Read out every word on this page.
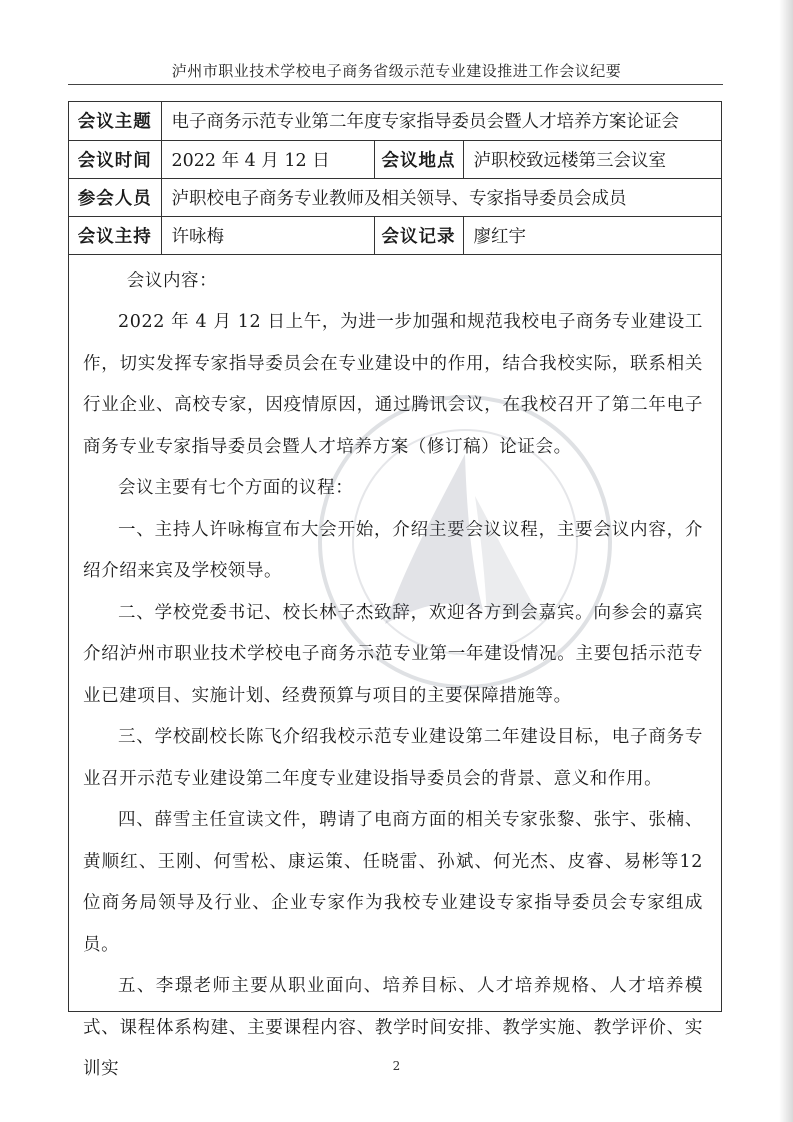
泸州市职业技术学校电子商务省级示范专业建设推进工作会议纪要
会议主题	电子商务示范专业第二年度专家指导委员会暨人才培养方案论证会		
会议时间	2022 年 4 月 12 日	会议地点	泸职校致远楼第三会议室
参会人员	泸职校电子商务专业教师及相关领导、专家指导委员会成员		
会议主持	许咏梅	会议记录	廖红宇

会议内容：

2022 年 4 月 12 日上午，为进一步加强和规范我校电子商务专业建设工作，切实发挥专家指导委员会在专业建设中的作用，结合我校实际，联系相关行业企业、高校专家，因疫情原因，通过腾讯会议，在我校召开了第二年电子商务专业专家指导委员会暨人才培养方案（修订稿）论证会。

会议主要有七个方面的议程：

一、主持人许咏梅宣布大会开始，介绍主要会议议程，主要会议内容，介绍介绍来宾及学校领导。

二、学校党委书记、校长林子杰致辞，欢迎各方到会嘉宾。向参会的嘉宾介绍泸州市职业技术学校电子商务示范专业第一年建设情况。主要包括示范专业已建项目、实施计划、经费预算与项目的主要保障措施等。

三、学校副校长陈飞介绍我校示范专业建设第二年建设目标，电子商务专业召开示范专业建设第二年度专业建设指导委员会的背景、意义和作用。

四、薛雪主任宣读文件，聘请了电商方面的相关专家张黎、张宇、张楠、黄顺红、王刚、何雪松、康运策、任晓雷、孙斌、何光杰、皮睿、易彬等12位商务局领导及行业、企业专家作为我校专业建设专家指导委员会专家组成员。

五、李璟老师主要从职业面向、培养目标、人才培养规格、人才培养模式、课程体系构建、主要课程内容、教学时间安排、教学实施、教学评价、实训实	2
